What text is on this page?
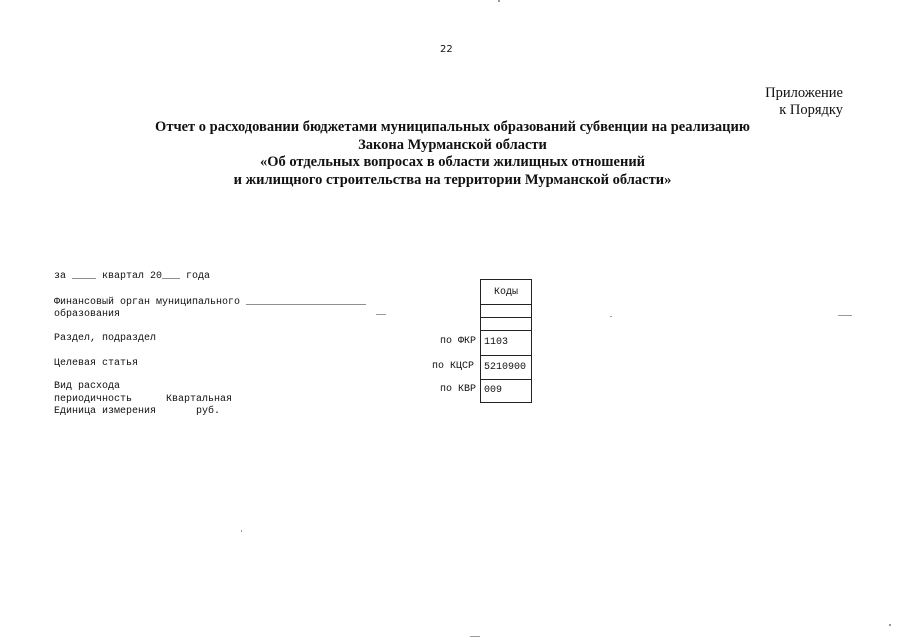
22
Приложение
к Порядку
Отчет о расходовании бюджетами муниципальных образований субвенции на реализацию
Закона Мурманской области
«Об отдельных вопросах в области жилищных отношений
и жилищного строительства на территории Мурманской области»
за ____ квартал 20___ года
Финансовый орган муниципального ____________________
образования
Раздел, подраздел
Целевая статья
Вид расхода
периодичность	Квартальная
Единица измерения	руб.
по ФКР
по КЦСР
по КВР
Коды
1103
5210900
009
